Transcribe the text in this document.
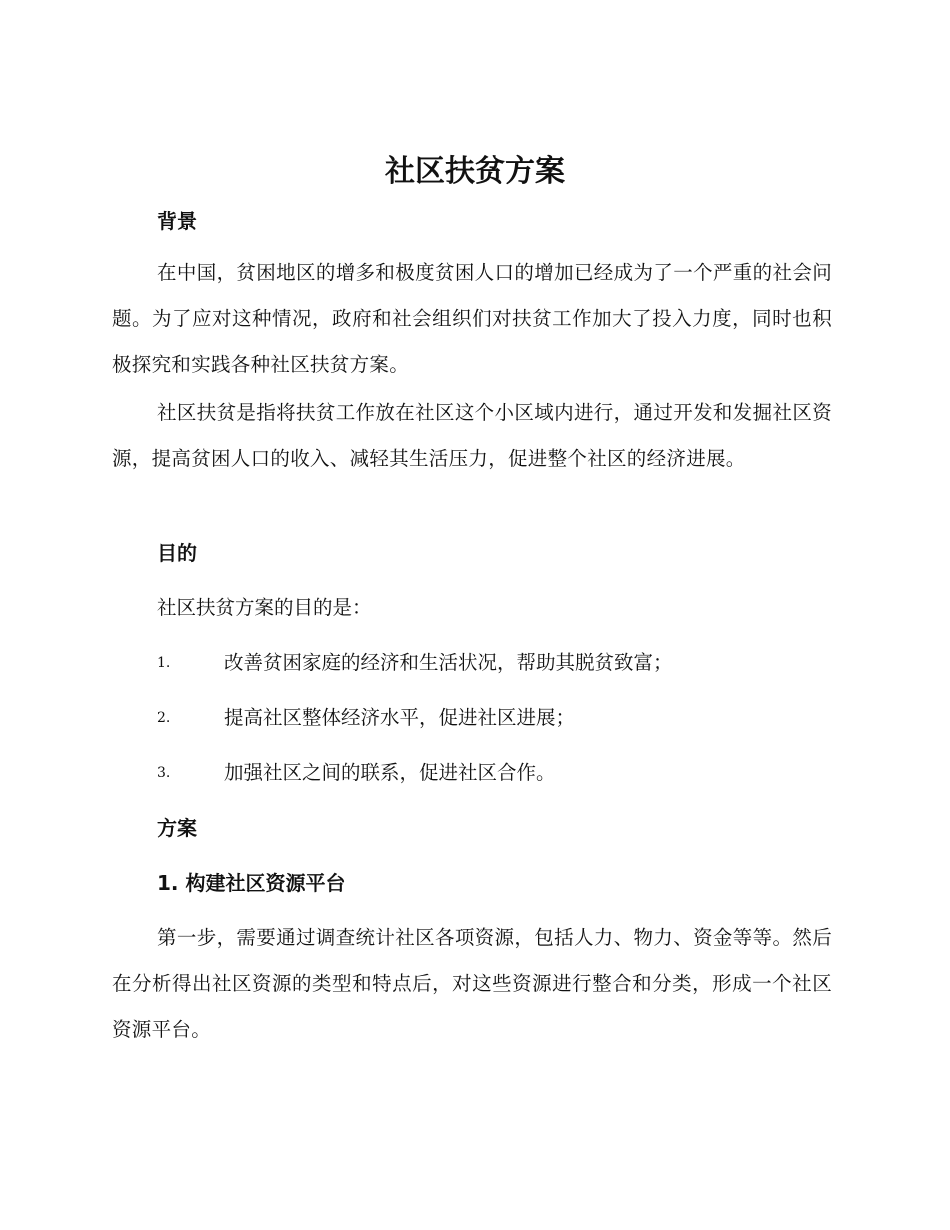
社区扶贫方案
背景

在中国，贫困地区的增多和极度贫困人口的增加已经成为了一个严重的社会问题。为了应对这种情况，政府和社会组织们对扶贫工作加大了投入力度，同时也积极探究和实践各种社区扶贫方案。

社区扶贫是指将扶贫工作放在社区这个小区域内进行，通过开发和发掘社区资源，提高贫困人口的收入、减轻其生活压力，促进整个社区的经济进展。

目的

社区扶贫方案的目的是：

1.	改善贫困家庭的经济和生活状况，帮助其脱贫致富；
2.	提高社区整体经济水平，促进社区进展；
3.	加强社区之间的联系，促进社区合作。
方案
1. 构建社区资源平台

第一步，需要通过调查统计社区各项资源，包括人力、物力、资金等等。然后在分析得出社区资源的类型和特点后，对这些资源进行整合和分类，形成一个社区资源平台。
